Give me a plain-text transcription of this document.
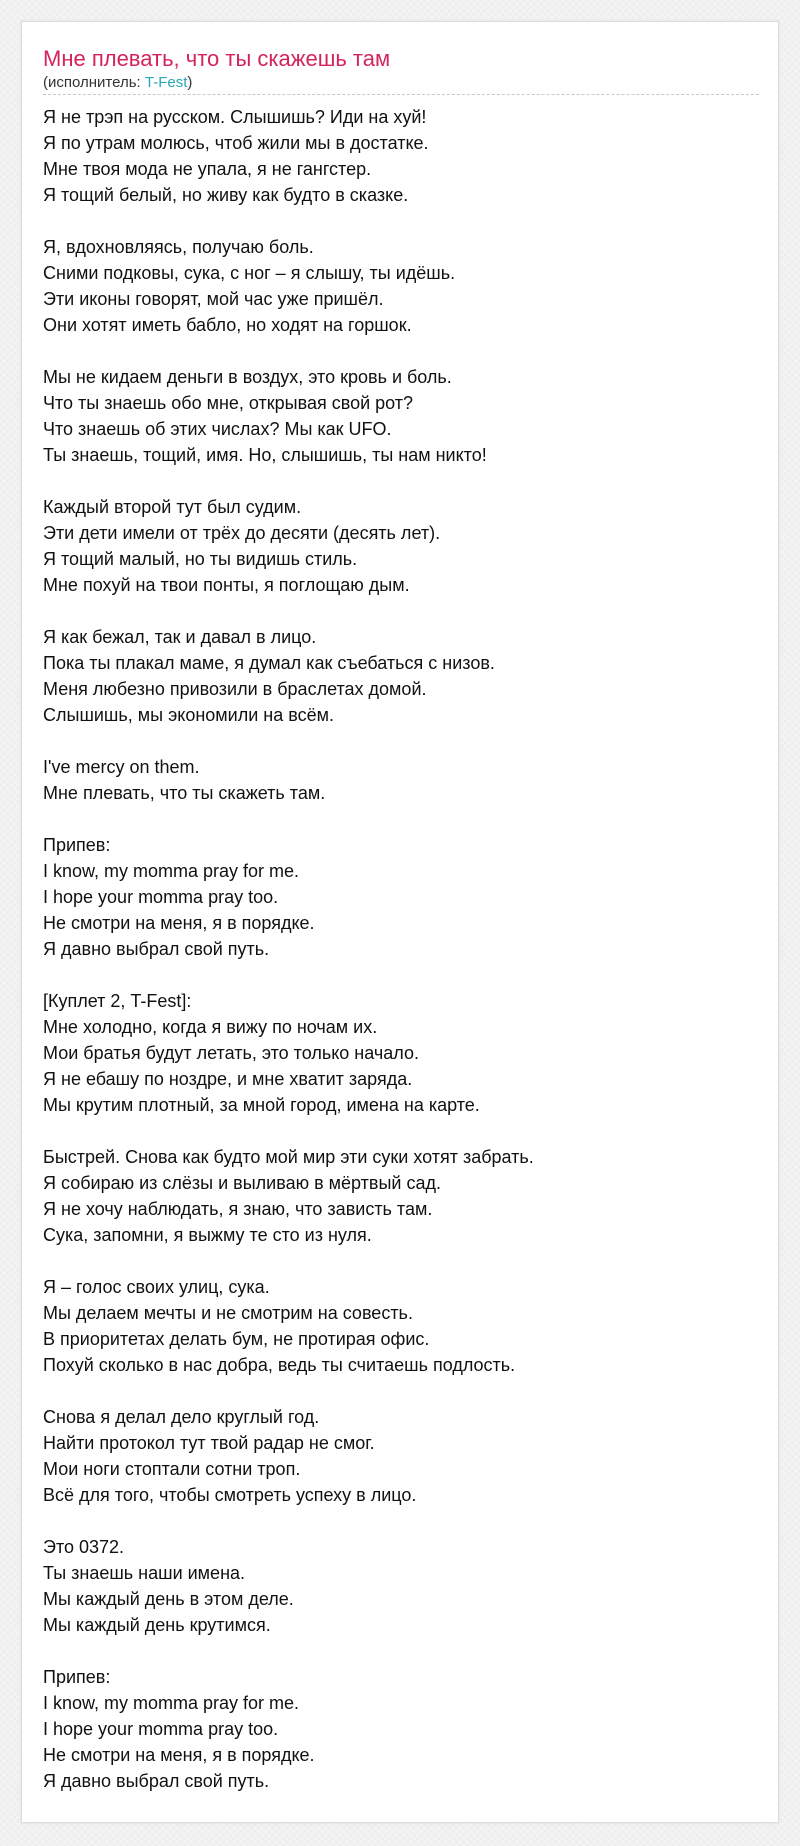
Мне плевать, что ты скажешь там
(исполнитель: T-Fest)
Я не трэп на русском. Слышишь? Иди на хуй!
Я по утрам молюсь, чтоб жили мы в достатке.
Мне твоя мода не упала, я не гангстер.
Я тощий белый, но живу как будто в сказке.
Я, вдохновляясь, получаю боль.
Сними подковы, сука, с ног – я слышу, ты идёшь.
Эти иконы говорят, мой час уже пришёл.
Они хотят иметь бабло, но ходят на горшок.
Мы не кидаем деньги в воздух, это кровь и боль.
Что ты знаешь обо мне, открывая свой рот?
Что знаешь об этих числах? Мы как UFO.
Ты знаешь, тощий, имя. Но, слышишь, ты нам никто!
Каждый второй тут был судим.
Эти дети имели от трёх до десяти (десять лет).
Я тощий малый, но ты видишь стиль.
Мне похуй на твои понты, я поглощаю дым.
Я как бежал, так и давал в лицо.
Пока ты плакал маме, я думал как съебаться с низов.
Меня любезно привозили в браслетах домой.
Слышишь, мы экономили на всём.
I've mercy on them.
Мне плевать, что ты скажеть там.
Припев:
I know, my momma pray for me.
I hope your momma pray too.
Не смотри на меня, я в порядке.
Я давно выбрал свой путь.
[Куплет 2, T-Fest]:
Мне холодно, когда я вижу по ночам их.
Мои братья будут летать, это только начало.
Я не ебашу по ноздре, и мне хватит заряда.
Мы крутим плотный, за мной город, имена на карте.
Быстрей. Снова как будто мой мир эти суки хотят забрать.
Я собираю из слёзы и выливаю в мёртвый сад.
Я не хочу наблюдать, я знаю, что зависть там.
Сука, запомни, я выжму те сто из нуля.
Я – голос своих улиц, сука.
Мы делаем мечты и не смотрим на совесть.
В приоритетах делать бум, не протирая офис.
Похуй сколько в нас добра, ведь ты считаешь подлость.
Снова я делал дело круглый год.
Найти протокол тут твой радар не смог.
Мои ноги стоптали сотни троп.
Всё для того, чтобы смотреть успеху в лицо.
Это 0372.
Ты знаешь наши имена.
Мы каждый день в этом деле.
Мы каждый день крутимся.
Припев:
I know, my momma pray for me.
I hope your momma pray too.
Не смотри на меня, я в порядке.
Я давно выбрал свой путь.
